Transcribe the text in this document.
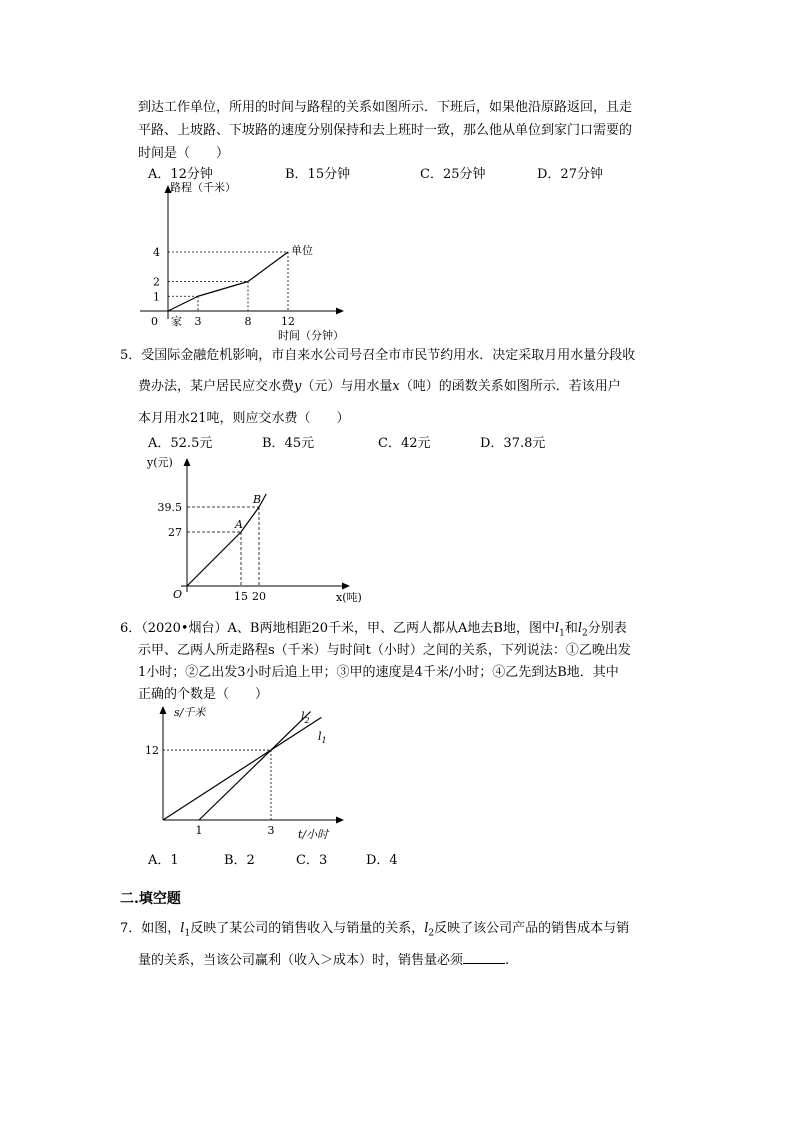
到达工作单位，所用的时间与路程的关系如图所示．下班后，如果他沿原路返回，且走
平路、上坡路、下坡路的速度分别保持和去上班时一致，那么他从单位到家门口需要的
时间是（　　）
A．12分钟	B．15分钟	C．25分钟	D．27分钟
3	8	12
1
2
4
0 家
单位
路程（千米）
时间（分钟）
5．受国际金融危机影响，市自来水公司号召全市市民节约用水．决定采取月用水量分段收
费办法，某户居民应交水费y（元）与用水量x（吨）的函数关系如图所示．若该用户
本月用水21吨，则应交水费（　　）
A．52.5元	B．45元	C．42元	D．37.8元
A
B
15 20
27
39.5
O
y(元)
x(吨)
6．（2020•烟台）A、B两地相距20千米，甲、乙两人都从A地去B地，图中$l_1$和$l_2$分别表
示甲、乙两人所走路程s（千米）与时间t（小时）之间的关系，下列说法：①乙晚出发
1小时；②乙出发3小时后追上甲；③甲的速度是4千米/小时；④乙先到达B地．其中
正确的个数是（　　）
1	3
12
s/千米
t/小时
$l_2$
$l_1$
A．1	B．2	C．3	D．4
二.填空题
7．如图，$l_1$反映了某公司的销售收入与销量的关系，$l_2$反映了该公司产品的销售成本与销
量的关系，当该公司赢利（收入＞成本）时，销售量必须	.
